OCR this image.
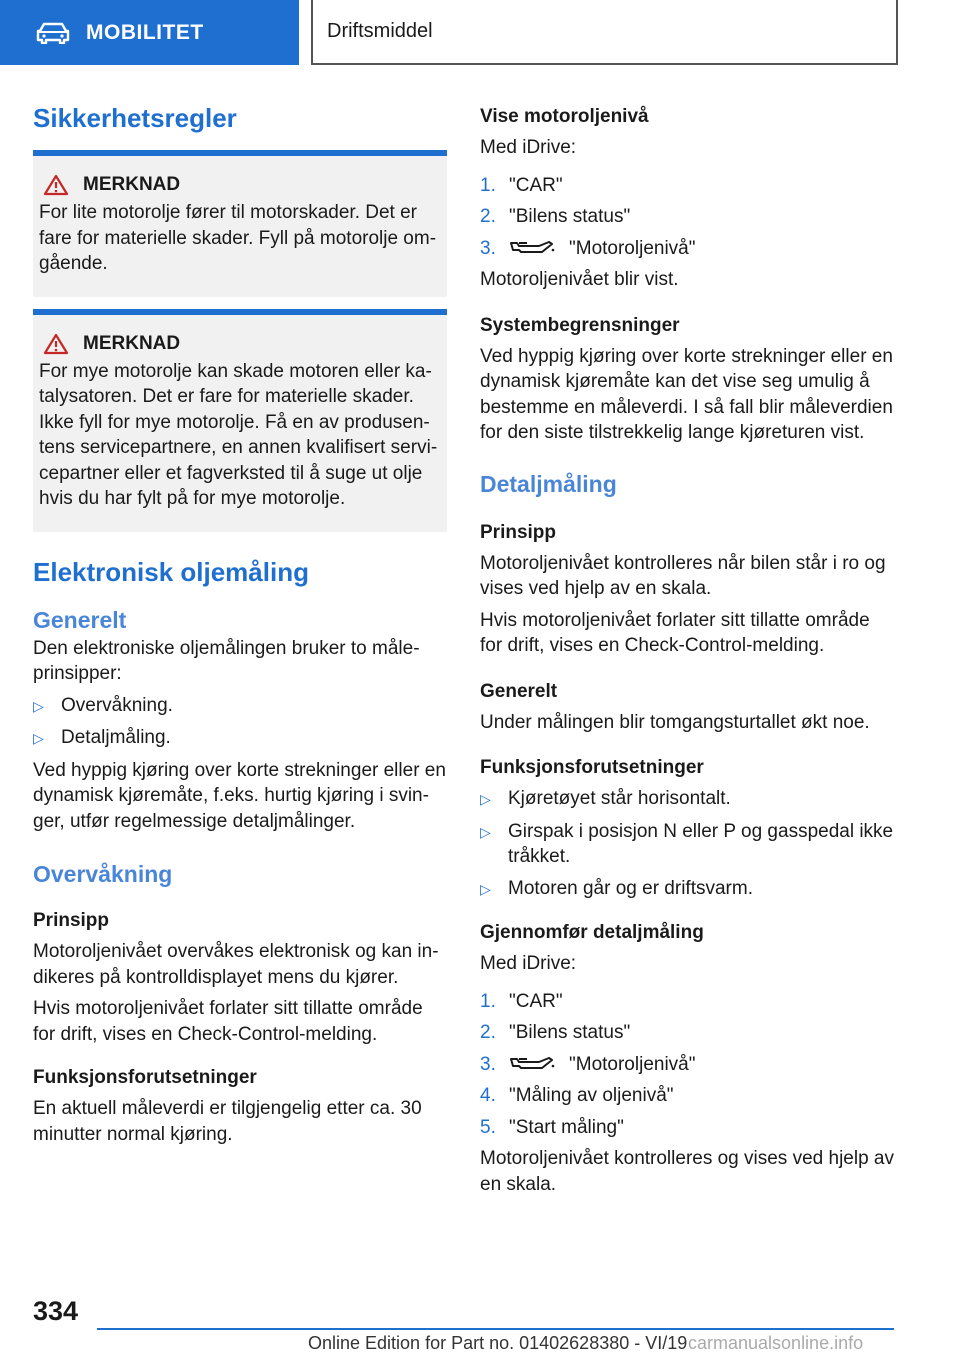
MOBILITET	Driftsmiddel
Sikkerhetsregler
MERKNAD

For lite motorolje fører til motorskader. Det er fare for materielle skader. Fyll på motorolje omgående.

MERKNAD

For mye motorolje kan skade motoren eller katalysatoren. Det er fare for materielle skader. Ikke fyll for mye motorolje. Få en av produsentens servicepartnere, en annen kvalifisert servicepartner eller et fagverksted til å suge ut olje hvis du har fylt på for mye motorolje.

Elektronisk oljemåling
Generelt

Den elektroniske oljemålingen bruker to måleprinsipper:

▷ Overvåkning.
▷ Detaljmåling.

Ved hyppig kjøring over korte strekninger eller en dynamisk kjøremåte, f.eks. hurtig kjøring i svinger, utfør regelmessige detaljmålinger.

Overvåkning
Prinsipp

Motoroljenivået overvåkes elektronisk og kan indikeres på kontrolldisplayet mens du kjører.

Hvis motoroljenivået forlater sitt tillatte område for drift, vises en Check-Control-melding.

Funksjonsforutsetninger

En aktuell måleverdi er tilgjengelig etter ca. 30 minutter normal kjøring.

Vise motoroljenivå

Med iDrive:

1. "CAR"
2. "Bilens status"
3.	"Motoroljenivå"

Motoroljenivået blir vist.

Systembegrensninger

Ved hyppig kjøring over korte strekninger eller en dynamisk kjøremåte kan det vise seg umulig å bestemme en måleverdi. I så fall blir måleverdien for den siste tilstrekkelig lange kjøreturen vist.

Detaljmåling
Prinsipp

Motoroljenivået kontrolleres når bilen står i ro og vises ved hjelp av en skala.

Hvis motoroljenivået forlater sitt tillatte område for drift, vises en Check-Control-melding.

Generelt

Under målingen blir tomgangsturtallet økt noe.

Funksjonsforutsetninger
▷ Kjøretøyet står horisontalt.
▷ Girspak i posisjon N eller P og gasspedal ikke tråkket.
▷ Motoren går og er driftsvarm.
Gjennomfør detaljmåling

Med iDrive:

1. "CAR"
2. "Bilens status"
3.	"Motoroljenivå"
4. "Måling av oljenivå"
5. "Start måling"

Motoroljenivået kontrolleres og vises ved hjelp av en skala.

334
Online Edition for Part no. 01402628380 - VI/19 carmanualsonline.info
